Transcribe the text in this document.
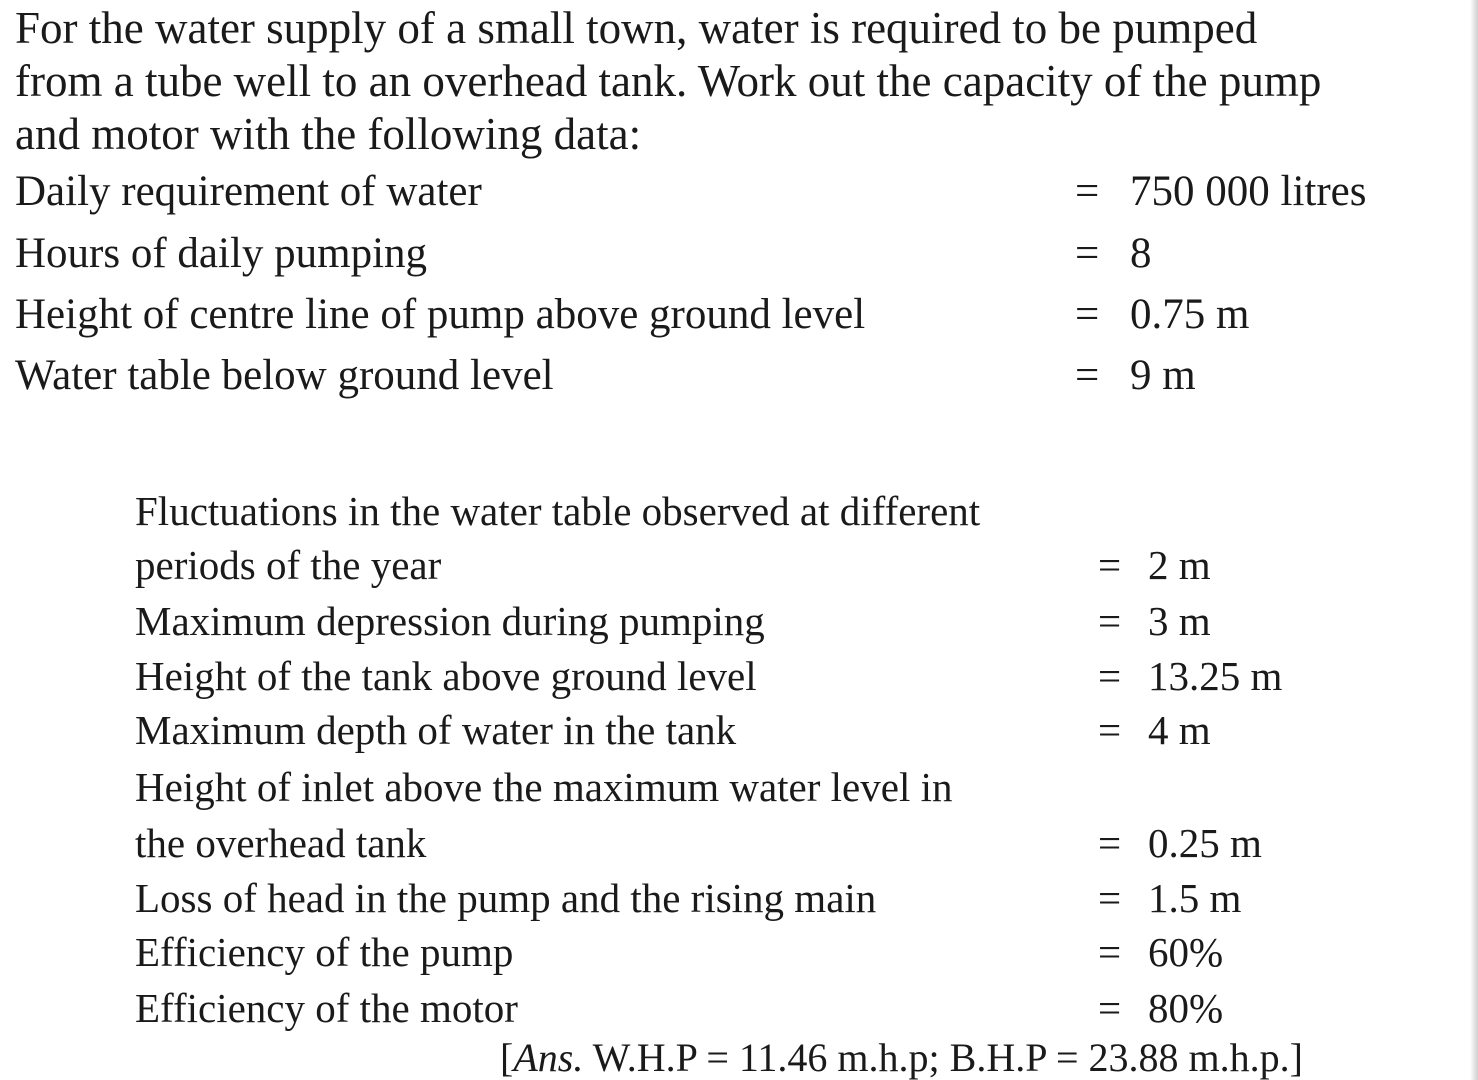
For the water supply of a small town, water is required to be pumped
from a tube well to an overhead tank. Work out the capacity of the pump
and motor with the following data:
Daily requirement of water	= 750 000 litres
Hours of daily pumping	= 8
Height of centre line of pump above ground level	= 0.75 m
Water table below ground level	= 9 m
Fluctuations in the water table observed at different
periods of the year	= 2 m
Maximum depression during pumping	= 3 m
Height of the tank above ground level	= 13.25 m
Maximum depth of water in the tank	= 4 m
Height of inlet above the maximum water level in
the overhead tank	= 0.25 m
Loss of head in the pump and the rising main	= 1.5 m
Efficiency of the pump	= 60%
Efficiency of the motor	= 80%
[Ans. W.H.P = 11.46 m.h.p; B.H.P = 23.88 m.h.p.]
